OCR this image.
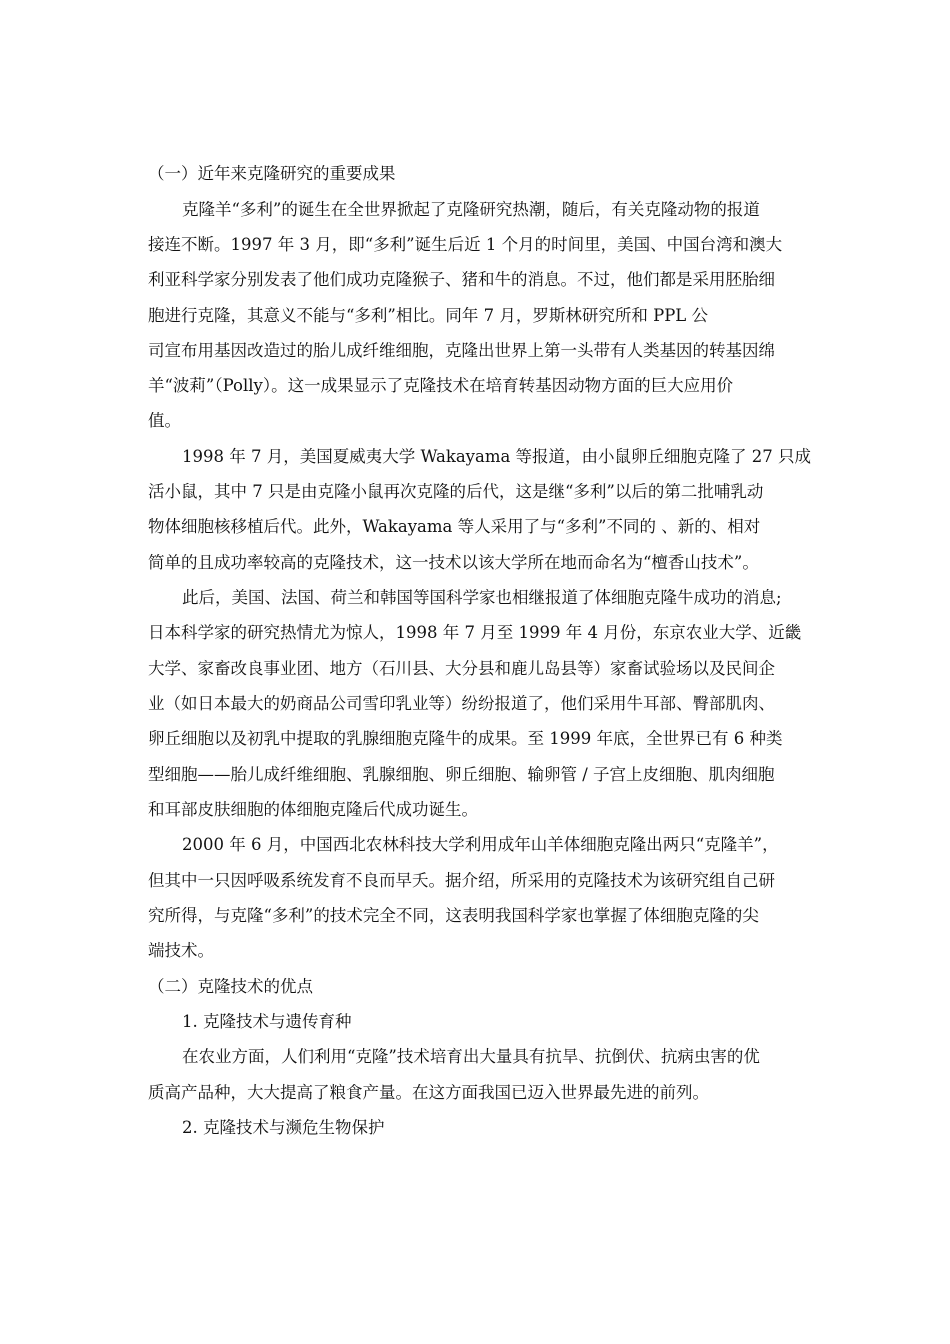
（一）近年来克隆研究的重要成果
克隆羊“多利”的诞生在全世界掀起了克隆研究热潮，随后，有关克隆动物的报道
接连不断。1997 年 3 月，即“多利”诞生后近 1 个月的时间里，美国、中国台湾和澳大
利亚科学家分别发表了他们成功克隆猴子、猪和牛的消息。不过，他们都是采用胚胎细
胞进行克隆，其意义不能与“多利”相比。同年 7 月，罗斯林研究所和 PPL 公
司宣布用基因改造过的胎儿成纤维细胞，克隆出世界上第一头带有人类基因的转基因绵
羊“波莉”（Polly）。这一成果显示了克隆技术在培育转基因动物方面的巨大应用价
值。
1998 年 7 月，美国夏威夷大学 Wakayama 等报道，由小鼠卵丘细胞克隆了 27 只成
活小鼠，其中 7 只是由克隆小鼠再次克隆的后代，这是继“多利”以后的第二批哺乳动
物体细胞核移植后代。此外，Wakayama 等人采用了与“多利”不同的 、新的、相对
简单的且成功率较高的克隆技术，这一技术以该大学所在地而命名为“檀香山技术”。
此后，美国、法国、荷兰和韩国等国科学家也相继报道了体细胞克隆牛成功的消息;
日本科学家的研究热情尤为惊人，1998 年 7 月至 1999 年 4 月份，东京农业大学、近畿
大学、家畜改良事业团、地方（石川县、大分县和鹿儿岛县等）家畜试验场以及民间企
业（如日本最大的奶商品公司雪印乳业等）纷纷报道了，他们采用牛耳部、臀部肌肉、
卵丘细胞以及初乳中提取的乳腺细胞克隆牛的成果。至 1999 年底，全世界已有 6 种类
型细胞——胎儿成纤维细胞、乳腺细胞、卵丘细胞、输卵管 / 子宫上皮细胞、肌肉细胞
和耳部皮肤细胞的体细胞克隆后代成功诞生。
2000 年 6 月，中国西北农林科技大学利用成年山羊体细胞克隆出两只“克隆羊”，
但其中一只因呼吸系统发育不良而早夭。据介绍，所采用的克隆技术为该研究组自己研
究所得，与克隆“多利”的技术完全不同，这表明我国科学家也掌握了体细胞克隆的尖
端技术。
（二）克隆技术的优点
1. 克隆技术与遗传育种
在农业方面，人们利用“克隆”技术培育出大量具有抗旱、抗倒伏、抗病虫害的优
质高产品种，大大提高了粮食产量。在这方面我国已迈入世界最先进的前列。
2. 克隆技术与濒危生物保护
